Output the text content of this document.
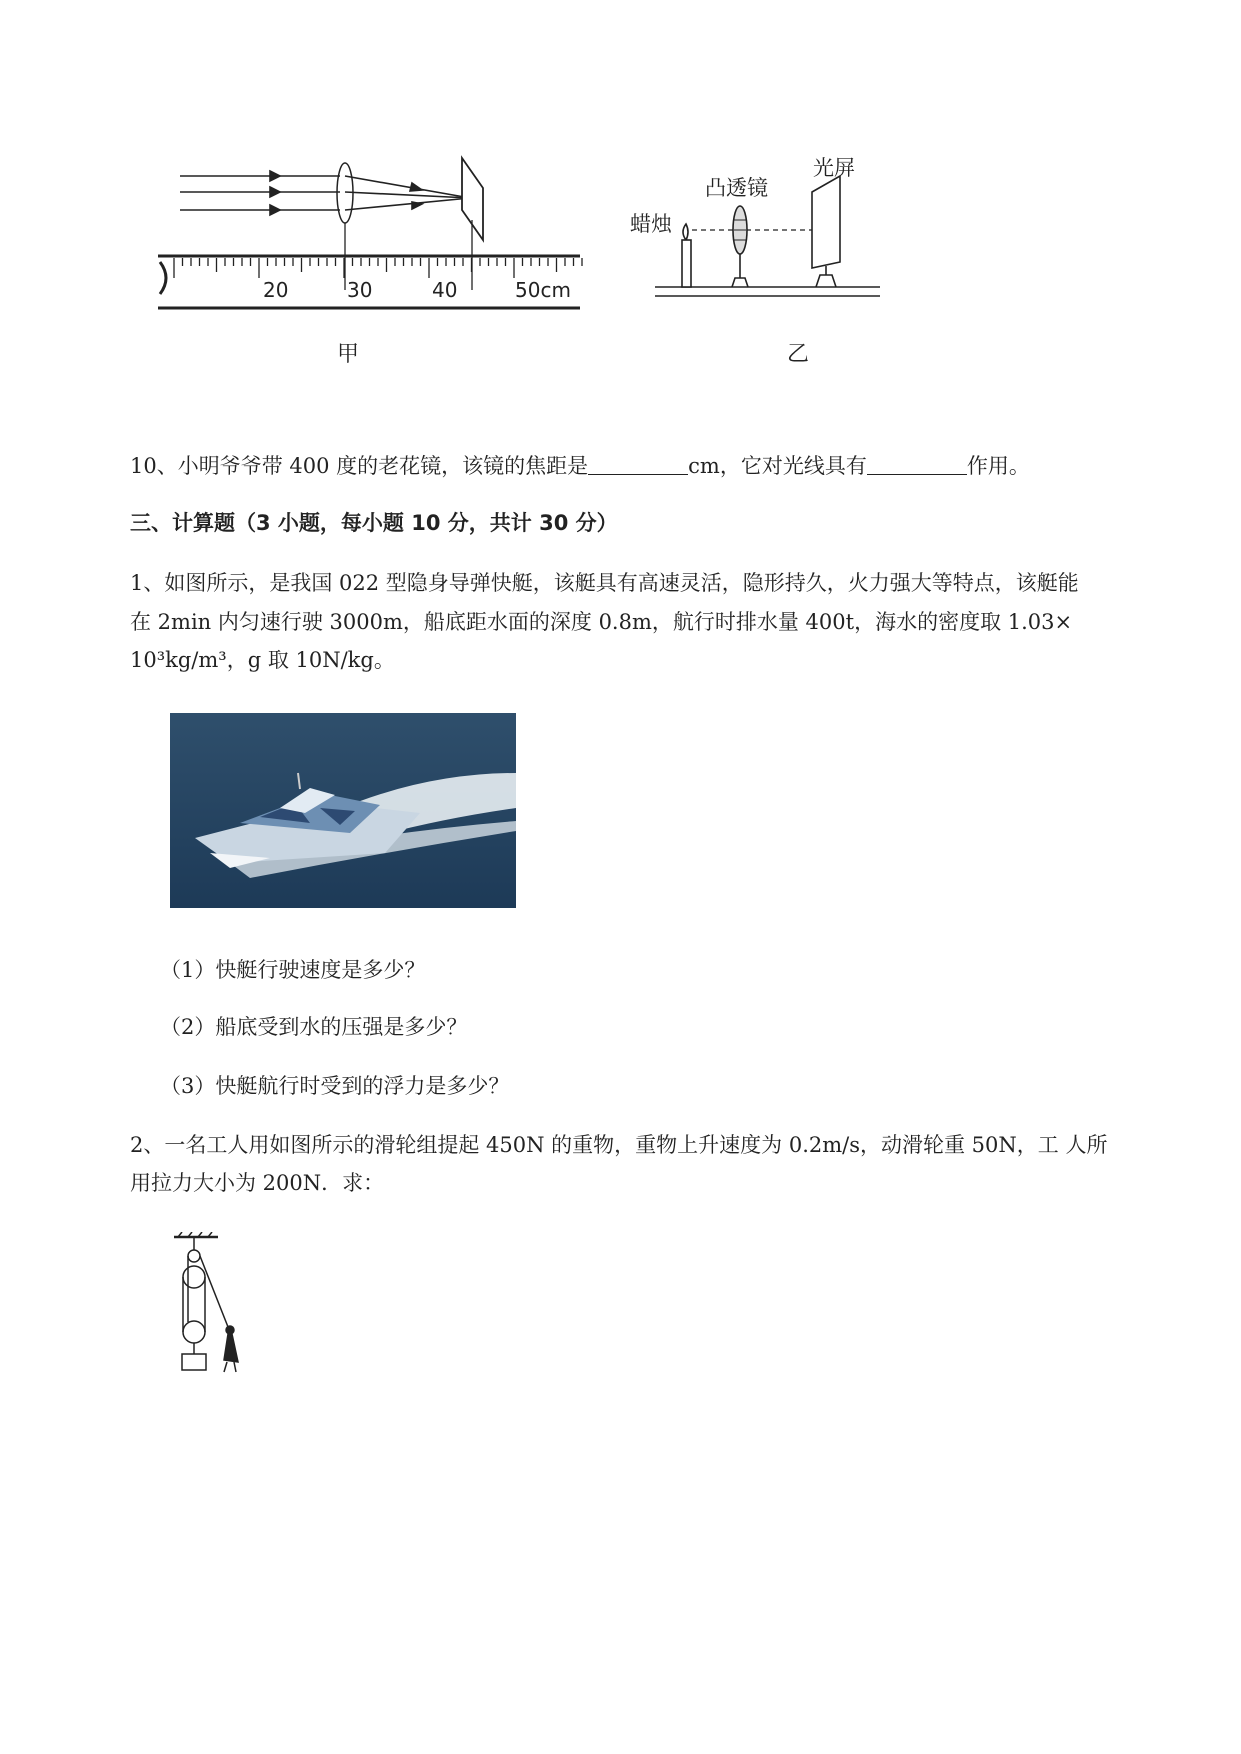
20	30	40	50cm
甲
蜡烛
凸透镜
光屏
乙
10、小明爷爷带 400 度的老花镜，该镜的焦距是	cm，它对光线具有	作用。
三、计算题（3 小题，每小题 10 分，共计 30 分）
1、如图所示，是我国 022 型隐身导弹快艇，该艇具有高速灵活，隐形持久，火力强大等特点，该艇能
在 2min 内匀速行驶 3000m，船底距水面的深度 0.8m，航行时排水量 400t，海水的密度取 1.03×
10³kg/m³，g 取 10N/kg。
（1）快艇行驶速度是多少？
（2）船底受到水的压强是多少？
（3）快艇航行时受到的浮力是多少？
2、一名工人用如图所示的滑轮组提起 450N 的重物，重物上升速度为 0.2m/s，动滑轮重 50N，工 人所
用拉力大小为 200N．求：
